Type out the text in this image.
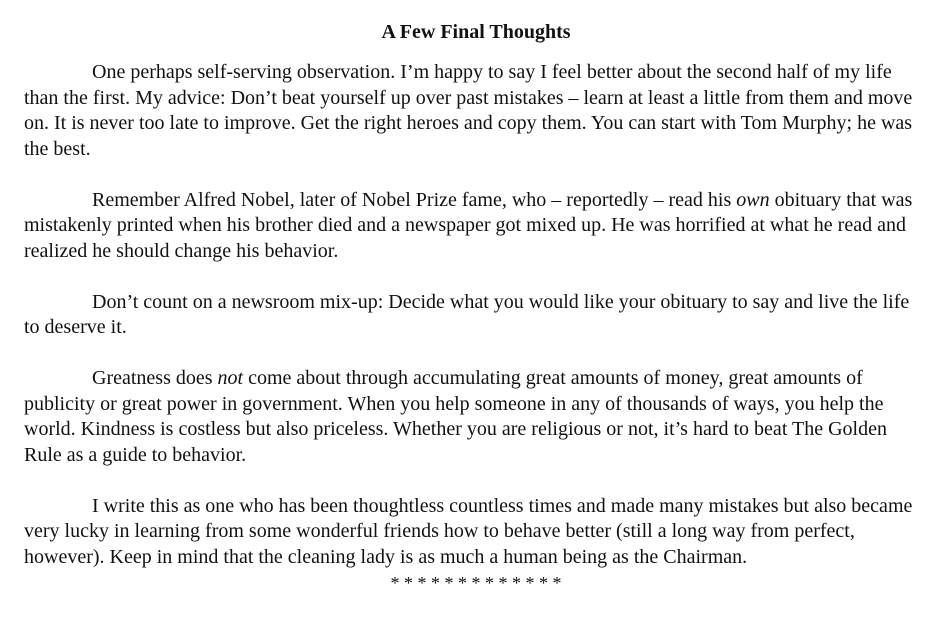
A Few Final Thoughts

One perhaps self-serving observation. I’m happy to say I feel better about the second half of my life than the first. My advice: Don’t beat yourself up over past mistakes – learn at least a little from them and move on. It is never too late to improve. Get the right heroes and copy them. You can start with Tom Murphy; he was the best.

Remember Alfred Nobel, later of Nobel Prize fame, who – reportedly – read his own obituary that was mistakenly printed when his brother died and a newspaper got mixed up. He was horrified at what he read and realized he should change his behavior.

Don’t count on a newsroom mix-up: Decide what you would like your obituary to say and live the life to deserve it.

Greatness does not come about through accumulating great amounts of money, great amounts of publicity or great power in government. When you help someone in any of thousands of ways, you help the world. Kindness is costless but also priceless. Whether you are religious or not, it’s hard to beat The Golden Rule as a guide to behavior.

I write this as one who has been thoughtless countless times and made many mistakes but also became very lucky in learning from some wonderful friends how to behave better (still a long way from perfect, however). Keep in mind that the cleaning lady is as much a human being as the Chairman.

* * * * * * * * * * * * *
